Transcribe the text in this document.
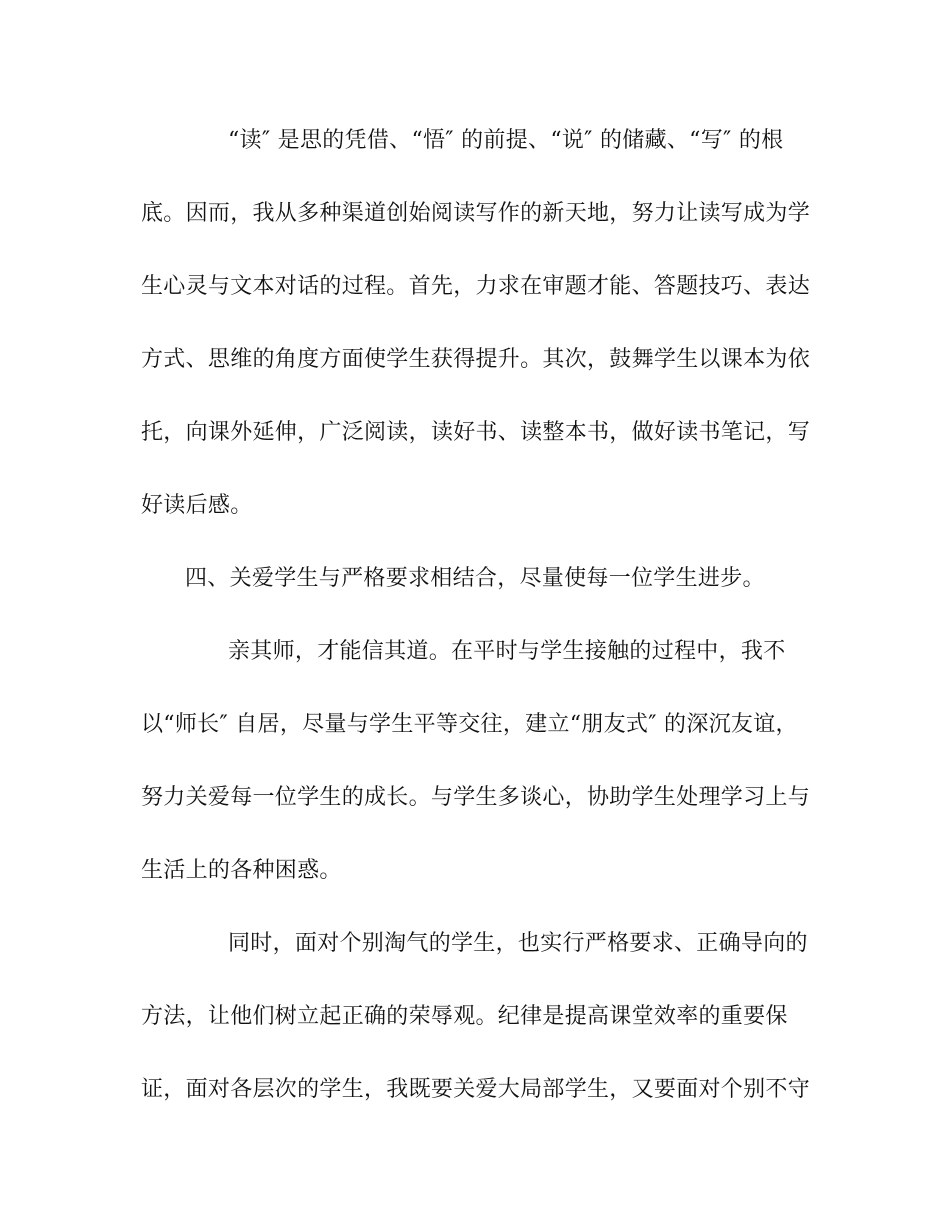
“读″ 是思的凭借、“悟″ 的前提、“说″ 的储藏、“写″ 的根
底。因而，我从多种渠道创始阅读写作的新天地，努力让读写成为学
生心灵与文本对话的过程。首先，力求在审题才能、答题技巧、表达
方式、思维的角度方面使学生获得提升。其次，鼓舞学生以课本为依
托，向课外延伸，广泛阅读，读好书、读整本书，做好读书笔记，写
好读后感。
四、关爱学生与严格要求相结合，尽量使每一位学生进步。
亲其师，才能信其道。在平时与学生接触的过程中，我不
以“师长″ 自居，尽量与学生平等交往，建立“朋友式″ 的深沉友谊，
努力关爱每一位学生的成长。与学生多谈心，协助学生处理学习上与
生活上的各种困惑。
同时，面对个别淘气的学生，也实行严格要求、正确导向的
方法，让他们树立起正确的荣辱观。纪律是提高课堂效率的重要保
证，面对各层次的学生，我既要关爱大局部学生，又要面对个别不守
